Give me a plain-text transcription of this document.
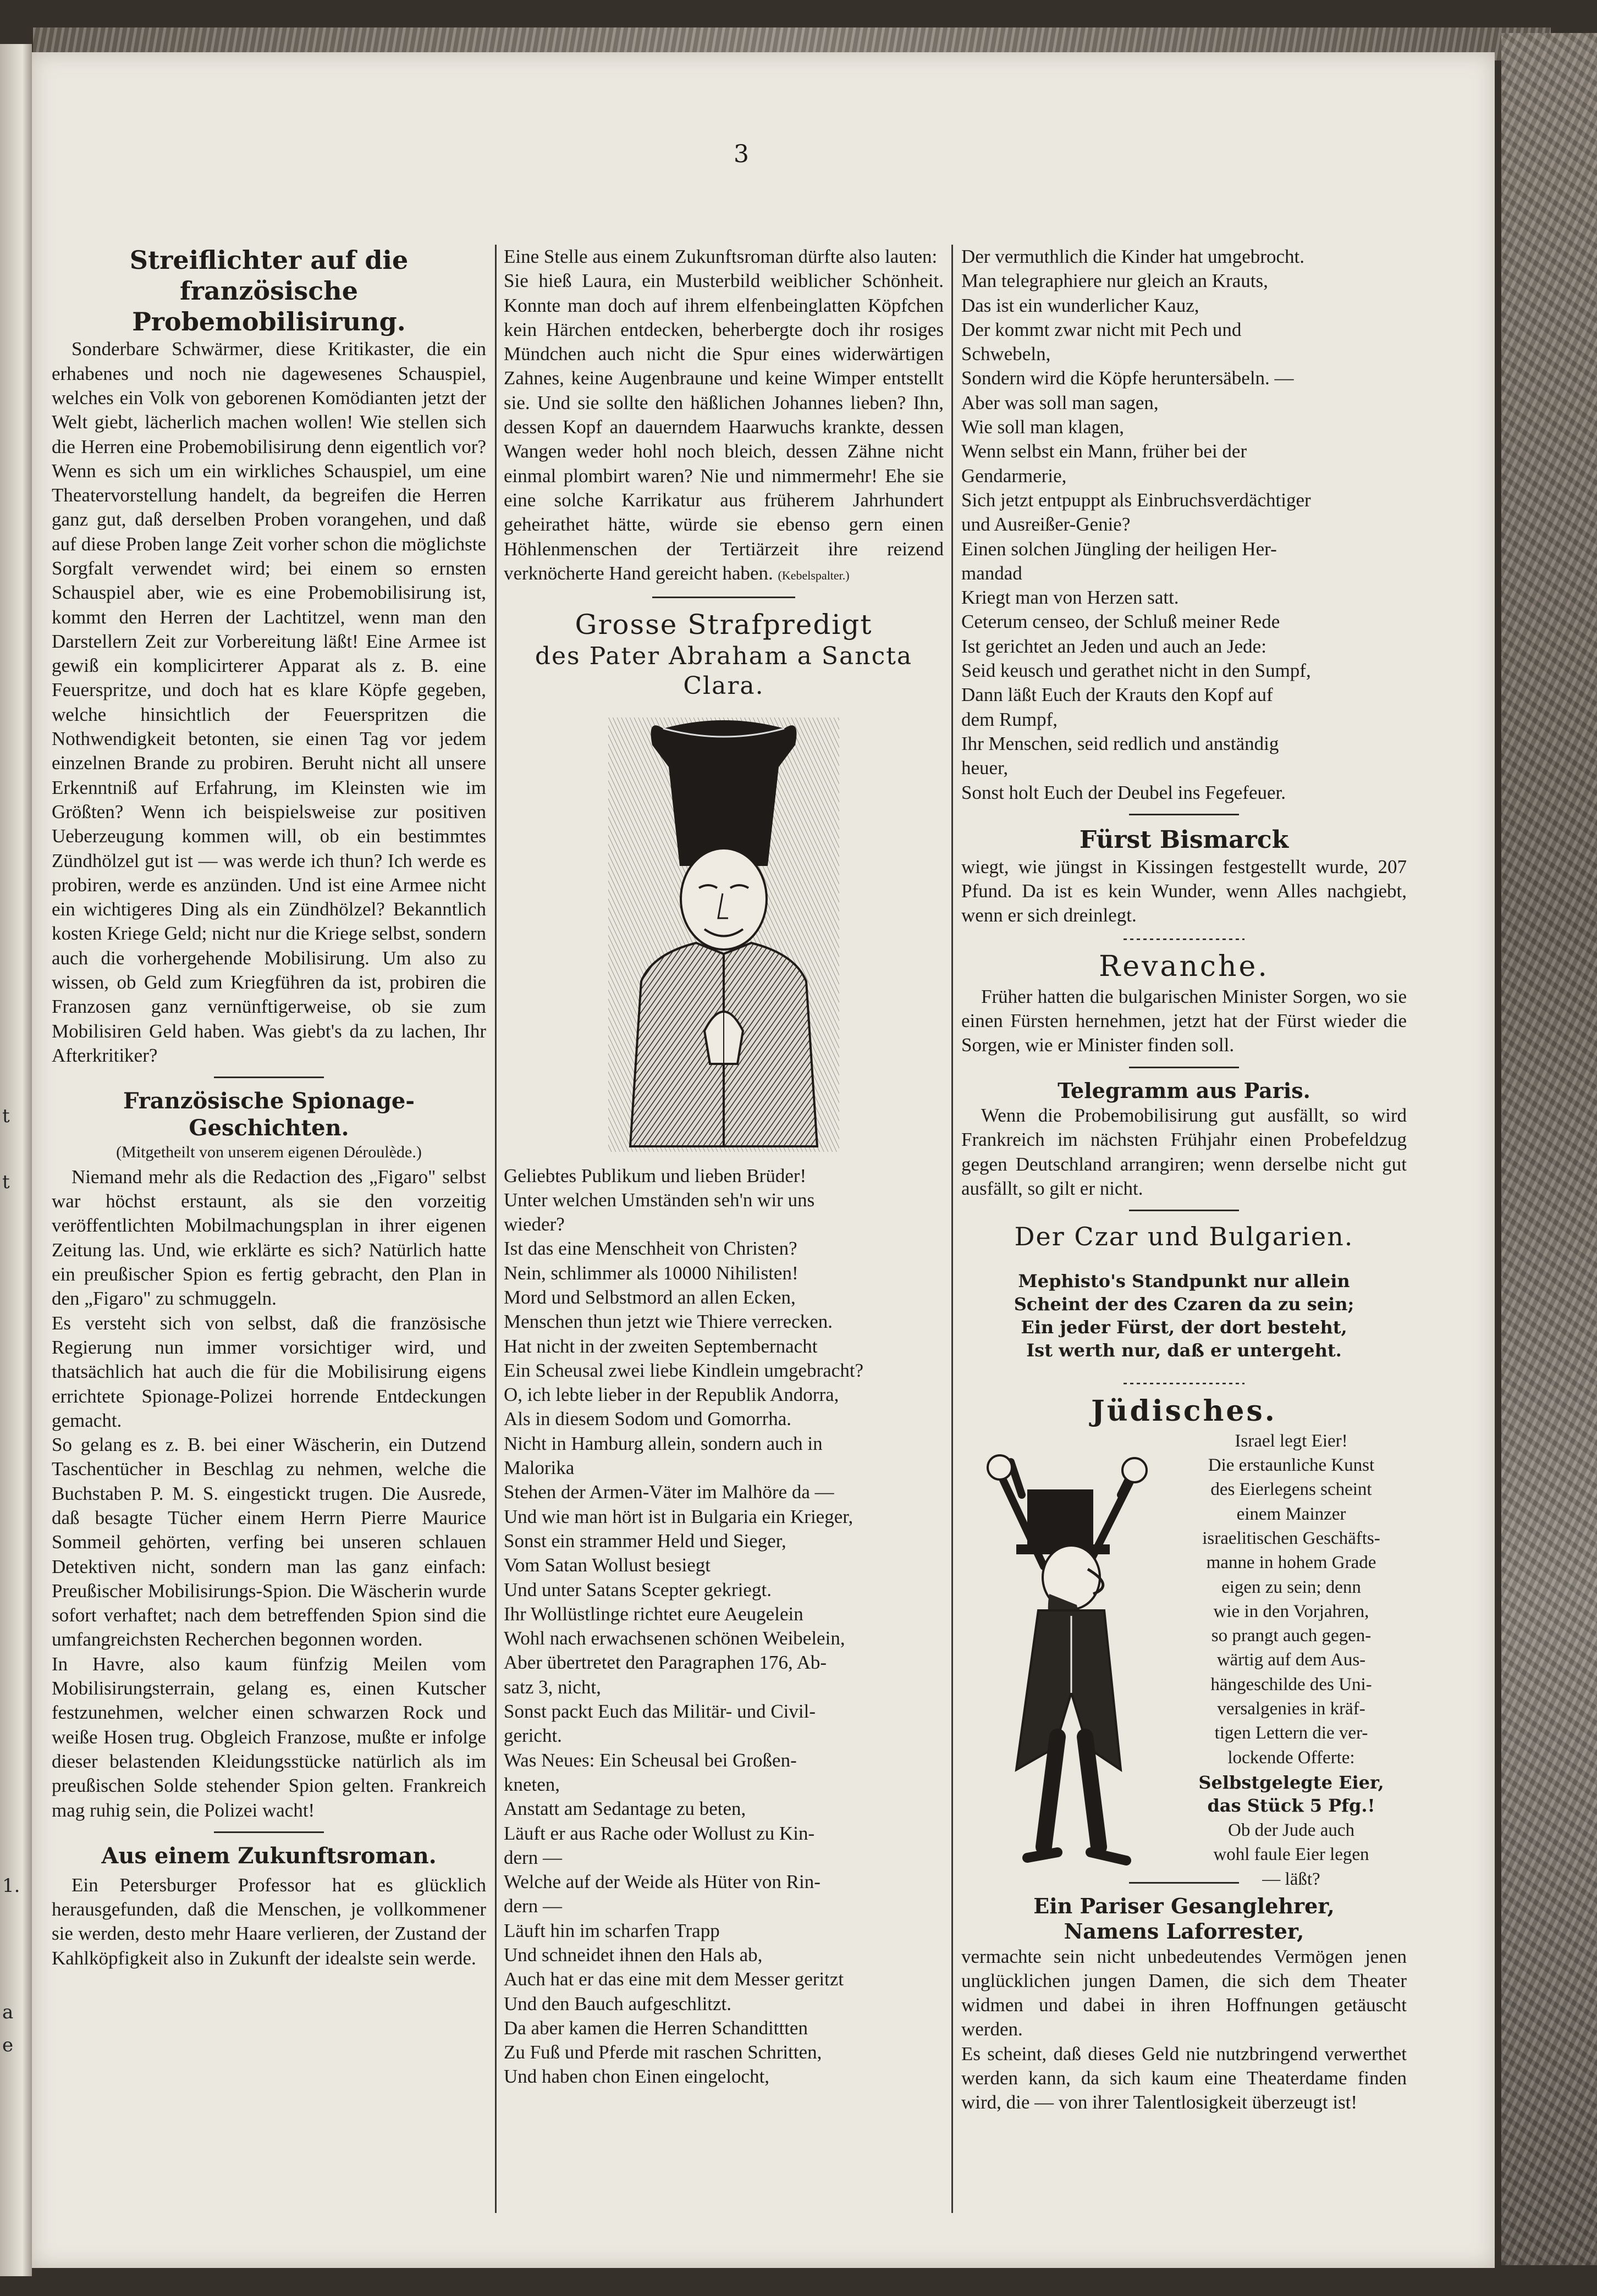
t
t
1.
a
e
3
Streiflichter auf die französische
Probemobilisirung.

Sonderbare Schwärmer, diese Kritikaster, die ein erhabenes und noch nie dagewesenes Schauspiel, welches ein Volk von geborenen Komödianten jetzt der Welt giebt, lächerlich machen wollen! Wie stellen sich die Herren eine Probemobilisirung denn eigentlich vor? Wenn es sich um ein wirkliches Schauspiel, um eine Theatervorstellung handelt, da begreifen die Herren ganz gut, daß derselben Proben vorangehen, und daß auf diese Proben lange Zeit vorher schon die möglichste Sorgfalt verwendet wird; bei einem so ernsten Schauspiel aber, wie es eine Probemobilisirung ist, kommt den Herren der Lachtitzel, wenn man den Darstellern Zeit zur Vorbereitung läßt! Eine Armee ist gewiß ein komplicirterer Apparat als z. B. eine Feuerspritze, und doch hat es klare Köpfe gegeben, welche hinsichtlich der Feuerspritzen die Nothwendigkeit betonten, sie einen Tag vor jedem einzelnen Brande zu probiren. Beruht nicht all unsere Erkenntniß auf Erfahrung, im Kleinsten wie im Größten? Wenn ich beispielsweise zur positiven Ueberzeugung kommen will, ob ein bestimmtes Zündhölzel gut ist — was werde ich thun? Ich werde es probiren, werde es anzünden. Und ist eine Armee nicht ein wichtigeres Ding als ein Zündhölzel? Bekanntlich kosten Kriege Geld; nicht nur die Kriege selbst, sondern auch die vorhergehende Mobilisirung. Um also zu wissen, ob Geld zum Kriegführen da ist, probiren die Franzosen ganz vernünftigerweise, ob sie zum Mobilisiren Geld haben. Was giebt's da zu lachen, Ihr Afterkritiker?

Französische Spionage-Geschichten.
(Mitgetheilt von unserem eigenen Déroulède.)

Niemand mehr als die Redaction des „Figaro" selbst war höchst erstaunt, als sie den vorzeitig veröffentlichten Mobilmachungsplan in ihrer eigenen Zeitung las. Und, wie erklärte es sich? Natürlich hatte ein preußischer Spion es fertig gebracht, den Plan in den „Figaro" zu schmuggeln.
Es versteht sich von selbst, daß die französische Regierung nun immer vorsichtiger wird, und thatsächlich hat auch die für die Mobilisirung eigens errichtete Spionage-Polizei horrende Entdeckungen gemacht.
So gelang es z. B. bei einer Wäscherin, ein Dutzend Taschentücher in Beschlag zu nehmen, welche die Buchstaben P. M. S. eingestickt trugen. Die Ausrede, daß besagte Tücher einem Herrn Pierre Maurice Sommeil gehörten, verfing bei unseren schlauen Detektiven nicht, sondern man las ganz einfach: Preußischer Mobilisirungs-Spion. Die Wäscherin wurde sofort verhaftet; nach dem betreffenden Spion sind die umfangreichsten Recherchen begonnen worden.
In Havre, also kaum fünfzig Meilen vom Mobilisirungsterrain, gelang es, einen Kutscher festzunehmen, welcher einen schwarzen Rock und weiße Hosen trug. Obgleich Franzose, mußte er infolge dieser belastenden Kleidungsstücke natürlich als im preußischen Solde stehender Spion gelten. Frankreich mag ruhig sein, die Polizei wacht!

Aus einem Zukunftsroman.

Ein Petersburger Professor hat es glücklich herausgefunden, daß die Menschen, je vollkommener sie werden, desto mehr Haare verlieren, der Zustand der Kahlköpfigkeit also in Zukunft der idealste sein werde.

Eine Stelle aus einem Zukunftsroman dürfte also lauten:
Sie hieß Laura, ein Musterbild weiblicher Schönheit. Konnte man doch auf ihrem elfenbeinglatten Köpfchen kein Härchen entdecken, beherbergte doch ihr rosiges Mündchen auch nicht die Spur eines widerwärtigen Zahnes, keine Augenbraune und keine Wimper entstellt sie. Und sie sollte den häßlichen Johannes lieben? Ihn, dessen Kopf an dauerndem Haarwuchs krankte, dessen Wangen weder hohl noch bleich, dessen Zähne nicht einmal plombirt waren? Nie und nimmermehr! Ehe sie eine solche Karrikatur aus früherem Jahrhundert geheirathet hätte, würde sie ebenso gern einen Höhlenmenschen der Tertiärzeit ihre reizend verknöcherte Hand gereicht haben. (Kebelspalter.)

Grosse Strafpredigt
des Pater Abraham a Sancta Clara.

Geliebtes Publikum und lieben Brüder!
Unter welchen Umständen seh'n wir uns
wieder?
Ist das eine Menschheit von Christen?
Nein, schlimmer als 10000 Nihilisten!
Mord und Selbstmord an allen Ecken,
Menschen thun jetzt wie Thiere verrecken.
Hat nicht in der zweiten Septembernacht
Ein Scheusal zwei liebe Kindlein umgebracht?
O, ich lebte lieber in der Republik Andorra,
Als in diesem Sodom und Gomorrha.
Nicht in Hamburg allein, sondern auch in
Malorika
Stehen der Armen-Väter im Malhöre da —
Und wie man hört ist in Bulgaria ein Krieger,
Sonst ein strammer Held und Sieger,
Vom Satan Wollust besiegt
Und unter Satans Scepter gekriegt.
Ihr Wollüstlinge richtet eure Aeugelein
Wohl nach erwachsenen schönen Weibelein,
Aber übertretet den Paragraphen 176, Ab-
satz 3, nicht,
Sonst packt Euch das Militär- und Civil-
gericht.
Was Neues: Ein Scheusal bei Großen-
kneten,
Anstatt am Sedantage zu beten,
Läuft er aus Rache oder Wollust zu Kin-
dern —
Welche auf der Weide als Hüter von Rin-
dern —
Läuft hin im scharfen Trapp
Und schneidet ihnen den Hals ab,
Auch hat er das eine mit dem Messer geritzt
Und den Bauch aufgeschlitzt.
Da aber kamen die Herren Schandittten
Zu Fuß und Pferde mit raschen Schritten,
Und haben chon Einen eingelocht,

Der vermuthlich die Kinder hat umgebrocht.
Man telegraphiere nur gleich an Krauts,
Das ist ein wunderlicher Kauz,
Der kommt zwar nicht mit Pech und
Schwebeln,
Sondern wird die Köpfe heruntersäbeln. —
Aber was soll man sagen,
Wie soll man klagen,
Wenn selbst ein Mann, früher bei der
Gendarmerie,
Sich jetzt entpuppt als Einbruchsverdächtiger
und Ausreißer-Genie?
Einen solchen Jüngling der heiligen Her-
mandad
Kriegt man von Herzen satt.
Ceterum censeo, der Schluß meiner Rede
Ist gerichtet an Jeden und auch an Jede:
Seid keusch und gerathet nicht in den Sumpf,
Dann läßt Euch der Krauts den Kopf auf
dem Rumpf,
Ihr Menschen, seid redlich und anständig
heuer,
Sonst holt Euch der Deubel ins Fegefeuer.

Fürst Bismarck

wiegt, wie jüngst in Kissingen festgestellt wurde, 207 Pfund. Da ist es kein Wunder, wenn Alles nachgiebt, wenn er sich dreinlegt.

Revanche.

Früher hatten die bulgarischen Minister Sorgen, wo sie einen Fürsten hernehmen, jetzt hat der Fürst wieder die Sorgen, wie er Minister finden soll.

Telegramm aus Paris.

Wenn die Probemobilisirung gut ausfällt, so wird Frankreich im nächsten Frühjahr einen Probefeldzug gegen Deutschland arrangiren; wenn derselbe nicht gut ausfällt, so gilt er nicht.

Der Czar und Bulgarien.

Mephisto's Standpunkt nur allein
Scheint der des Czaren da zu sein;
Ein jeder Fürst, der dort besteht,
Ist werth nur, daß er untergeht.

Jüdisches.

Israel legt Eier!
Die erstaunliche Kunst
des Eierlegens scheint
einem Mainzer
israelitischen Geschäfts-
manne in hohem Grade
eigen zu sein; denn
wie in den Vorjahren,
so prangt auch gegen-
wärtig auf dem Aus-
hängeschilde des Uni-
versalgenies in kräf-
tigen Lettern die ver-
lockende Offerte:

Selbstgelegte Eier,
das Stück 5 Pfg.!

Ob der Jude auch
wohl faule Eier legen
— läßt?

Ein Pariser Gesanglehrer,
Namens Laforrester,

vermachte sein nicht unbedeutendes Vermögen jenen unglücklichen jungen Damen, die sich dem Theater widmen und dabei in ihren Hoffnungen getäuscht werden.
Es scheint, daß dieses Geld nie nutzbringend verwerthet werden kann, da sich kaum eine Theaterdame finden wird, die — von ihrer Talentlosigkeit überzeugt ist!
